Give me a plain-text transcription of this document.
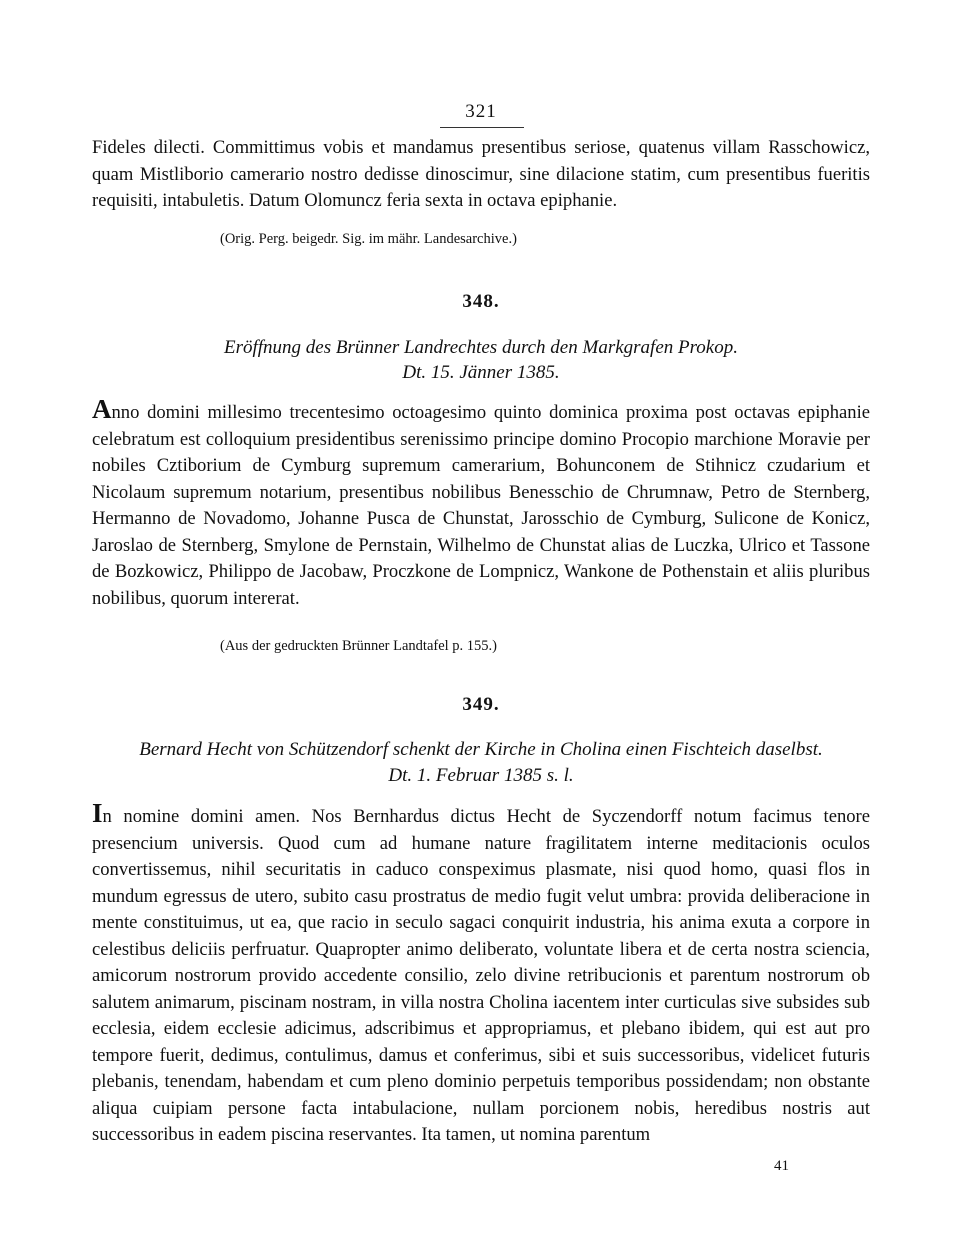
321

Fideles dilecti. Committimus vobis et mandamus presentibus seriose, quatenus villam Rasschowicz, quam Mistliborio camerario nostro dedisse dinoscimur, sine dilacione statim, cum presentibus fueritis requisiti, intabuletis. Datum Olomuncz feria sexta in octava epiphanie.

(Orig. Perg. beigedr. Sig. im mähr. Landesarchive.)
348.
Eröffnung des Brünner Landrechtes durch den Markgrafen Prokop.
Dt. 15. Jänner 1385.

Anno domini millesimo trecentesimo octoagesimo quinto dominica proxima post octavas epiphanie celebratum est colloquium presidentibus serenissimo principe domino Procopio marchione Moravie per nobiles Cztiborium de Cymburg supremum camerarium, Bohunconem de Stihnicz czudarium et Nicolaum supremum notarium, presentibus nobilibus Benesschio de Chrumnaw, Petro de Sternberg, Hermanno de Novadomo, Johanne Pusca de Chunstat, Jarosschio de Cymburg, Sulicone de Konicz, Jaroslao de Sternberg, Smylone de Pernstain, Wilhelmo de Chunstat alias de Luczka, Ulrico et Tassone de Bozkowicz, Philippo de Jacobaw, Proczkone de Lompnicz, Wankone de Pothenstain et aliis pluribus nobilibus, quorum intererat.

(Aus der gedruckten Brünner Landtafel p. 155.)
349.
Bernard Hecht von Schützendorf schenkt der Kirche in Cholina einen Fischteich daselbst.
Dt. 1. Februar 1385 s. l.

In nomine domini amen. Nos Bernhardus dictus Hecht de Syczendorff notum facimus tenore presencium universis. Quod cum ad humane nature fragilitatem interne meditacionis oculos convertissemus, nihil securitatis in caduco conspeximus plasmate, nisi quod homo, quasi flos in mundum egressus de utero, subito casu prostratus de medio fugit velut umbra: provida deliberacione in mente constituimus, ut ea, que racio in seculo sagaci conquirit industria, his anima exuta a corpore in celestibus deliciis perfruatur. Quapropter animo deliberato, voluntate libera et de certa nostra sciencia, amicorum nostrorum provido accedente consilio, zelo divine retribucionis et parentum nostrorum ob salutem animarum, piscinam nostram, in villa nostra Cholina iacentem inter curticulas sive subsides sub ecclesia, eidem ecclesie adicimus, adscribimus et appropriamus, et plebano ibidem, qui est aut pro tempore fuerit, dedimus, contulimus, damus et conferimus, sibi et suis successoribus, videlicet futuris plebanis, tenendam, habendam et cum pleno dominio perpetuis temporibus possidendam; non obstante aliqua cuipiam persone facta intabulacione, nullam porcionem nobis, heredibus nostris aut successoribus in eadem piscina reservantes. Ita tamen, ut nomina parentum

41
